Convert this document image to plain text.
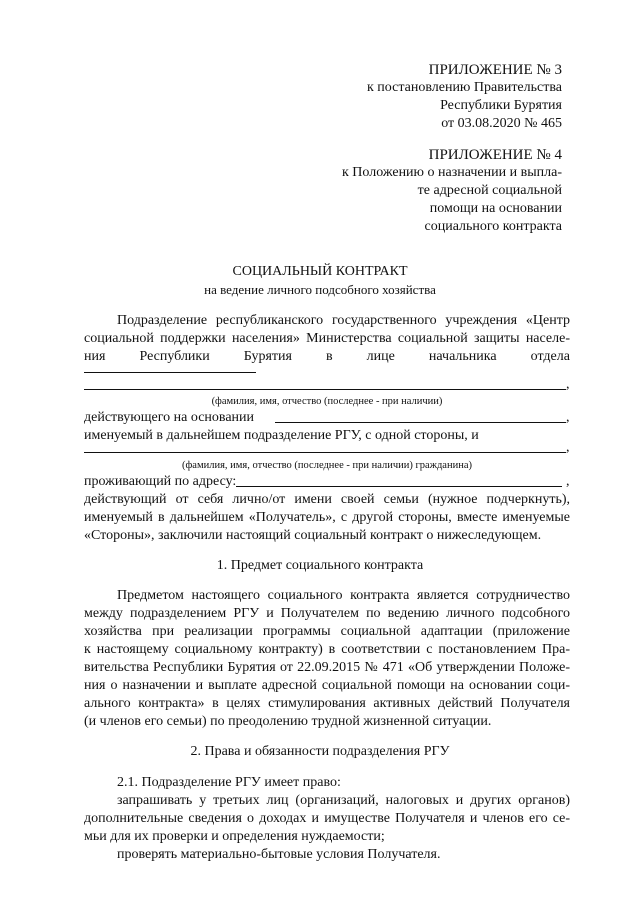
ПРИЛОЖЕНИЕ № 3
к постановлению Правительства
Республики Бурятия
от 03.08.2020 № 465
ПРИЛОЖЕНИЕ № 4
к Положению о назначении и выпла-
те адресной социальной
помощи на основании
социального контракта
СОЦИАЛЬНЫЙ КОНТРАКТ
на ведение личного подсобного хозяйства
Подразделение республиканского государственного учреждения «Центр
социальной поддержки населения» Министерства социальной защиты населе-
ния Республики Бурятия в лице начальника отдела
,
(фамилия, имя, отчество (последнее - при наличии)
действующего на основании	,
именуемый в дальнейшем подразделение РГУ, с одной стороны, и
,
(фамилия, имя, отчество (последнее - при наличии) гражданина)
проживающий по адресу:	,
действующий от себя лично/от имени своей семьи (нужное подчеркнуть),
именуемый в дальнейшем «Получатель», с другой стороны, вместе именуемые
«Стороны», заключили настоящий социальный контракт о нижеследующем.
1. Предмет социального контракта
Предметом настоящего социального контракта является сотрудничество
между подразделением РГУ и Получателем по ведению личного подсобного
хозяйства при реализации программы социальной адаптации (приложение
к настоящему социальному контракту) в соответствии с постановлением Пра-
вительства Республики Бурятия от 22.09.2015 № 471 «Об утверждении Положе-
ния о назначении и выплате адресной социальной помощи на основании соци-
ального контракта» в целях стимулирования активных действий Получателя
(и членов его семьи) по преодолению трудной жизненной ситуации.
2. Права и обязанности подразделения РГУ
2.1. Подразделение РГУ имеет право:
запрашивать у третьих лиц (организаций, налоговых и других органов)
дополнительные сведения о доходах и имуществе Получателя и членов его се-
мьи для их проверки и определения нуждаемости;
проверять материально-бытовые условия Получателя.
